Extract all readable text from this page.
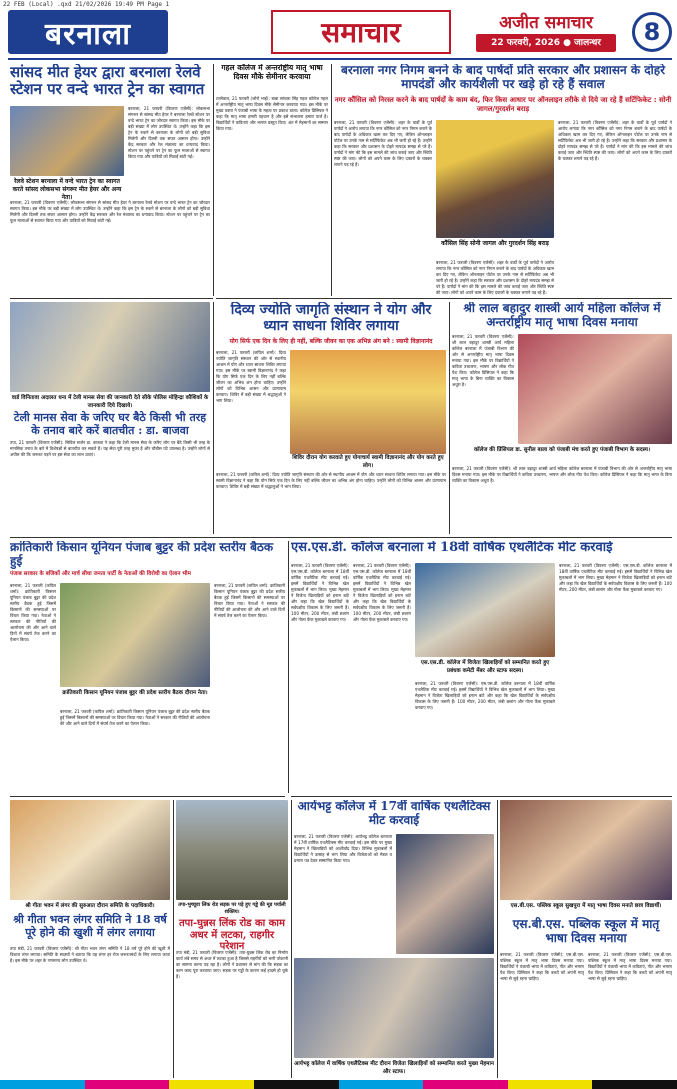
22 FEB (Local) .qxd 21/02/2026 19:49 PM Page 1
बरनाला	समाचार	अजीत समाचार
22 फरवरी, 2026 ● जालन्धर	8
सांसद मीत हेयर द्वारा बरनाला रेलवे स्टेशन पर वन्दे भारत ट्रेन का स्वागत
बरनाला, 21 फरवरी (विवरण एजेंसी): लोकसभा संगरूर से सांसद मीत हेयर ने बरनाला रेलवे स्टेशन पर वन्दे भारत ट्रेन का जोरदार स्वागत किया। इस मौके पर बड़ी संख्या में लोग उपस्थित थे। उन्होंने कहा कि इस ट्रेन के रुकने से बरनाला के लोगों को बड़ी सुविधा मिलेगी और दिल्ली तक सफर आसान होगा। उन्होंने केंद्र सरकार और रेल मंत्रालय का धन्यवाद किया। स्टेशन पर पहुंचने पर ट्रेन का फूल मालाओं से स्वागत किया गया और यात्रियों को मिठाई बांटी गई।
रेलवे स्टेशन बरनाला में वन्दे भारत ट्रेन का स्वागत करते सांसद लोकसभा संगरूर मीत हेयर और अन्य नेता।
बरनाला, 21 फरवरी (विवरण एजेंसी): लोकसभा संगरूर से सांसद मीत हेयर ने बरनाला रेलवे स्टेशन पर वन्दे भारत ट्रेन का जोरदार स्वागत किया। इस मौके पर बड़ी संख्या में लोग उपस्थित थे। उन्होंने कहा कि इस ट्रेन के रुकने से बरनाला के लोगों को बड़ी सुविधा मिलेगी और दिल्ली तक सफर आसान होगा। उन्होंने केंद्र सरकार और रेल मंत्रालय का धन्यवाद किया। स्टेशन पर पहुंचने पर ट्रेन का फूल मालाओं से स्वागत किया गया और यात्रियों को मिठाई बांटी गई।
गहल कॉलेज में अन्तर्राष्ट्रीय मातृ भाषा दिवस मौके सेमीनार करवाया
टल्लेवाल, 21 फरवरी (जोरो भाई): बाबा सांचला सिंह गहल कॉलेज गहल में अन्तर्राष्ट्रीय मातृ भाषा दिवस मौके सेमीनार करवाया गया। इस मौके पर मुख्य वक्ता ने पंजाबी भाषा के महत्व पर प्रकाश डाला। कॉलेज प्रिंसिपल ने कहा कि मातृ भाषा हमारी पहचान है और इसे संभालना हमारा फर्ज है। विद्यार्थियों ने कविताएं और भाषण प्रस्तुत किए। अंत में मेहमानों का सम्मान किया गया।
बरनाला नगर निगम बनने के बाद पार्षदों प्रति सरकार और प्रशासन के दोहरे मापदंडों और कार्यशैली पर खड़े हो रहे हैं सवाल
नगर कौंसिल को निरस्त करने के बाद पार्षदों के काम बंद, फिर किस आधार पर ऑनलाइन तरीके से दिये जा रहे हैं सर्टिफिकेट : सोनी जागल/गुरदर्शन बराड़
बरनाला, 21 फरवरी (विवरण एजेंसी): शहर के वार्डों के पूर्व पार्षदों ने आरोप लगाया कि नगर कौंसिल को नगर निगम बनाने के बाद पार्षदों के अधिकार खत्म कर दिए गए, लेकिन ऑनलाइन पोर्टल पर उनके नाम से सर्टिफिकेट अब भी जारी हो रहे हैं। उन्होंने कहा कि सरकार और प्रशासन के दोहरे मापदंड समझ से परे हैं। पार्षदों ने मांग की कि इस मामले की जांच कराई जाए और स्थिति स्पष्ट की जाए। लोगों को अपने काम के लिए दफ्तरों के चक्कर लगाने पड़ रहे हैं।
कौंसिल सिंह सोनी जागल और गुरदर्शन सिंह बराड़
बरनाला, 21 फरवरी (विवरण एजेंसी): शहर के वार्डों के पूर्व पार्षदों ने आरोप लगाया कि नगर कौंसिल को नगर निगम बनाने के बाद पार्षदों के अधिकार खत्म कर दिए गए, लेकिन ऑनलाइन पोर्टल पर उनके नाम से सर्टिफिकेट अब भी जारी हो रहे हैं। उन्होंने कहा कि सरकार और प्रशासन के दोहरे मापदंड समझ से परे हैं। पार्षदों ने मांग की कि इस मामले की जांच कराई जाए और स्थिति स्पष्ट की जाए। लोगों को अपने काम के लिए दफ्तरों के चक्कर लगाने पड़ रहे हैं।
बरनाला, 21 फरवरी (विवरण एजेंसी): शहर के वार्डों के पूर्व पार्षदों ने आरोप लगाया कि नगर कौंसिल को नगर निगम बनाने के बाद पार्षदों के अधिकार खत्म कर दिए गए, लेकिन ऑनलाइन पोर्टल पर उनके नाम से सर्टिफिकेट अब भी जारी हो रहे हैं। उन्होंने कहा कि सरकार और प्रशासन के दोहरे मापदंड समझ से परे हैं। पार्षदों ने मांग की कि इस मामले की जांच कराई जाए और स्थिति स्पष्ट की जाए। लोगों को अपने काम के लिए दफ्तरों के चक्कर लगाने पड़ रहे हैं।
वार्ड विनितावा अदालत धना में टेली मानस सेवा की जानकारी देते सीके पोलिस मोहिन्द्रा कौशिकों के जानकारी दिये दिखाये।
टेली मानस सेवा के जरिए घर बैठे किसी भी तरह के तनाव बारे करें बातचीत : डा. बाजवा
तपा, 21 फरवरी (विवरण एजेंसी): सिविल सर्जन डा. बाजवा ने कहा कि टेली मानस सेवा के जरिए लोग घर बैठे किसी भी तरह के मानसिक तनाव के बारे में विशेषज्ञों से बातचीत कर सकते हैं। यह सेवा पूरी तरह मुफ्त है और चौबीस घंटे उपलब्ध है। उन्होंने लोगों से अपील की कि जरूरत पड़ने पर इस सेवा का लाभ उठाएं।
दिव्य ज्योति जागृति संस्थान ने योग और ध्यान साधना शिविर लगाया
योग सिर्फ एक दिन के लिए ही नहीं, बल्कि जीवन का एक अभिन्न अंग बने : स्वामी विज्ञानानंद
बरनाला, 21 फरवरी (कपिल शर्मा): दिव्य ज्योति जागृति संस्थान की ओर से स्थानीय आश्रम में योग और ध्यान साधना शिविर लगाया गया। इस मौके पर स्वामी विज्ञानानंद ने कहा कि योग सिर्फ एक दिन के लिए नहीं बल्कि जीवन का अभिन्न अंग होना चाहिए। उन्होंने लोगों को विभिन्न आसन और प्राणायाम करवाए। शिविर में बड़ी संख्या में श्रद्धालुओं ने भाग लिया।
शिविर दौरान योग करवाते हुए योगाचार्य स्वामी विज्ञानानंद और योग करते हुए लोग।
बरनाला, 21 फरवरी (कपिल शर्मा): दिव्य ज्योति जागृति संस्थान की ओर से स्थानीय आश्रम में योग और ध्यान साधना शिविर लगाया गया। इस मौके पर स्वामी विज्ञानानंद ने कहा कि योग सिर्फ एक दिन के लिए नहीं बल्कि जीवन का अभिन्न अंग होना चाहिए। उन्होंने लोगों को विभिन्न आसन और प्राणायाम करवाए। शिविर में बड़ी संख्या में श्रद्धालुओं ने भाग लिया।
श्री लाल बहादुर शास्त्री आर्य महिला कॉलेज में अन्तर्राष्ट्रीय मातृ भाषा दिवस मनाया
बरनाला, 21 फरवरी (विवरण एजेंसी): श्री लाल बहादुर शास्त्री आर्य महिला कॉलेज बरनाला में पंजाबी विभाग की ओर से अन्तर्राष्ट्रीय मातृ भाषा दिवस मनाया गया। इस मौके पर विद्यार्थियों ने कविता उच्चारण, भाषण और लोक गीत पेश किए। कॉलेज प्रिंसिपल ने कहा कि मातृ भाषा के बिना व्यक्ति का विकास अधूरा है।
कॉलेज की प्रिंसिपल डा. सुनील बाला को पंजाबी मंच करते हुए पंजाबी विभाग के सदस्य।
बरनाला, 21 फरवरी (विवरण एजेंसी): श्री लाल बहादुर शास्त्री आर्य महिला कॉलेज बरनाला में पंजाबी विभाग की ओर से अन्तर्राष्ट्रीय मातृ भाषा दिवस मनाया गया। इस मौके पर विद्यार्थियों ने कविता उच्चारण, भाषण और लोक गीत पेश किए। कॉलेज प्रिंसिपल ने कहा कि मातृ भाषा के बिना व्यक्ति का विकास अधूरा है।
क्रांतिकारी किसान यूनियन पंजाब बुट्टर की प्रदेश स्तरीय बैठक हुई
पंजाब सरकार के बजिकों और मार्च सीधा जनता पार्टी के नेताओं की विरोधी का ऐलान भीम
बरनाला, 21 फरवरी (कपिल शर्मा): क्रांतिकारी किसान यूनियन पंजाब बुट्टर की प्रदेश स्तरीय बैठक हुई जिसमें किसानों की समस्याओं पर विचार किया गया। नेताओं ने सरकार की नीतियों की आलोचना की और आने वाले दिनों में संघर्ष तेज करने का ऐलान किया।
क्रांतिकारी किसान यूनियन पंजाब बुट्टर की प्रदेश स्तरीय बैठक दौरान नेता।
बरनाला, 21 फरवरी (कपिल शर्मा): क्रांतिकारी किसान यूनियन पंजाब बुट्टर की प्रदेश स्तरीय बैठक हुई जिसमें किसानों की समस्याओं पर विचार किया गया। नेताओं ने सरकार की नीतियों की आलोचना की और आने वाले दिनों में संघर्ष तेज करने का ऐलान किया।
बरनाला, 21 फरवरी (कपिल शर्मा): क्रांतिकारी किसान यूनियन पंजाब बुट्टर की प्रदेश स्तरीय बैठक हुई जिसमें किसानों की समस्याओं पर विचार किया गया। नेताओं ने सरकार की नीतियों की आलोचना की और आने वाले दिनों में संघर्ष तेज करने का ऐलान किया।
एस.एस.डी. कॉलेज बरनाला में 18वीं वार्षिक एथलैटिक मीट करवाई
बरनाला, 21 फरवरी (विवरण एजेंसी): एस.एस.डी. कॉलेज बरनाला में 18वीं वार्षिक एथलैटिक मीट करवाई गई। इसमें विद्यार्थियों ने विभिन्न खेल मुकाबलों में भाग लिया। मुख्य मेहमान ने विजेता खिलाड़ियों को इनाम बांटे और कहा कि खेल विद्यार्थियों के सर्वपक्षीय विकास के लिए जरूरी हैं। 100 मीटर, 200 मीटर, लंबी छलांग और गोला फेंक मुकाबले करवाए गए।
बरनाला, 21 फरवरी (विवरण एजेंसी): एस.एस.डी. कॉलेज बरनाला में 18वीं वार्षिक एथलैटिक मीट करवाई गई। इसमें विद्यार्थियों ने विभिन्न खेल मुकाबलों में भाग लिया। मुख्य मेहमान ने विजेता खिलाड़ियों को इनाम बांटे और कहा कि खेल विद्यार्थियों के सर्वपक्षीय विकास के लिए जरूरी हैं। 100 मीटर, 200 मीटर, लंबी छलांग और गोला फेंक मुकाबले करवाए गए।
एस.एस.डी. कॉलेज में विजेता खिलाड़ियों को सम्मानित करते हुए प्रबंधक कमेटी मेंबर और स्टाफ सदस्य।
बरनाला, 21 फरवरी (विवरण एजेंसी): एस.एस.डी. कॉलेज बरनाला में 18वीं वार्षिक एथलैटिक मीट करवाई गई। इसमें विद्यार्थियों ने विभिन्न खेल मुकाबलों में भाग लिया। मुख्य मेहमान ने विजेता खिलाड़ियों को इनाम बांटे और कहा कि खेल विद्यार्थियों के सर्वपक्षीय विकास के लिए जरूरी हैं। 100 मीटर, 200 मीटर, लंबी छलांग और गोला फेंक मुकाबले करवाए गए।
बरनाला, 21 फरवरी (विवरण एजेंसी): एस.एस.डी. कॉलेज बरनाला में 18वीं वार्षिक एथलैटिक मीट करवाई गई। इसमें विद्यार्थियों ने विभिन्न खेल मुकाबलों में भाग लिया। मुख्य मेहमान ने विजेता खिलाड़ियों को इनाम बांटे और कहा कि खेल विद्यार्थियों के सर्वपक्षीय विकास के लिए जरूरी हैं। 100 मीटर, 200 मीटर, लंबी छलांग और गोला फेंक मुकाबले करवाए गए।
श्री गीता भवन में लंगर की सुरुआत दौरान समिति के पदाधिकारी।
श्री गीता भवन लंगर समिति ने 18 वर्ष पूरे होने की खुशी में लंगर लगाया
तपा मंडी, 21 फरवरी (विवरण एजेंसी): श्री गीता भवन लंगर समिति ने 18 वर्ष पूरे होने की खुशी में विशाल लंगर लगाया। समिति के सदस्यों ने बताया कि यह लंगर हर रोज जरूरतमंदों के लिए लगाया जाता है। इस मौके पर शहर के गणमान्य लोग उपस्थित थे।
तपा-भुच्चूवा लिंक रोड सड़क पर पड़े हुए गड्ढे की मूड पर्याली शक्तिय।
तपा-घुन्नस लिंक रोड का काम अधर में लटका, राहगीर परेशान
तपा मंडी, 21 फरवरी (विवरण एजेंसी): तपा-घुन्नस लिंक रोड का निर्माण कार्य लंबे समय से अधर में लटका हुआ है जिससे राहगीरों को भारी परेशानी का सामना करना पड़ रहा है। लोगों ने प्रशासन से मांग की कि सड़क का काम जल्द पूरा करवाया जाए। सड़क पर गड्ढों के कारण कई हादसे हो चुके हैं।
आर्यभट्ट कॉलेज में 17वीं वार्षिक एथलैटिक्स मीट करवाई
बरनाला, 21 फरवरी (विवरण एजेंसी): आर्यभट्ट कॉलेज बरनाला में 17वीं वार्षिक एथलैटिक्स मीट करवाई गई। इस मौके पर मुख्य मेहमान ने खिलाड़ियों को आशीर्वाद दिया। विभिन्न मुकाबलों में विद्यार्थियों ने उत्साह से भाग लिया और विजेताओं को मेडल व प्रमाण पत्र देकर सम्मानित किया गया।
आर्यभट्ट कॉलेज में वार्षिक एथलैटिक्स मीट दौरान विजेता खिलाड़ियों को सम्मानित करते मुख्य मेहमान और स्टाफ।
एस.बी.एस. पब्लिक स्कूल सुखपुरा में मातृ भाषा दिवस मनाते छात्र विद्यार्थी।
एस.बी.एस. पब्लिक स्कूल में मातृ भाषा दिवस मनाया
बरनाला, 21 फरवरी (विवरण एजेंसी): एस.बी.एस. पब्लिक स्कूल में मातृ भाषा दिवस मनाया गया। विद्यार्थियों ने पंजाबी भाषा में कविताएं, गीत और भाषण पेश किए। प्रिंसिपल ने कहा कि बच्चों को अपनी मातृ भाषा से जुड़े रहना चाहिए।
बरनाला, 21 फरवरी (विवरण एजेंसी): एस.बी.एस. पब्लिक स्कूल में मातृ भाषा दिवस मनाया गया। विद्यार्थियों ने पंजाबी भाषा में कविताएं, गीत और भाषण पेश किए। प्रिंसिपल ने कहा कि बच्चों को अपनी मातृ भाषा से जुड़े रहना चाहिए।
